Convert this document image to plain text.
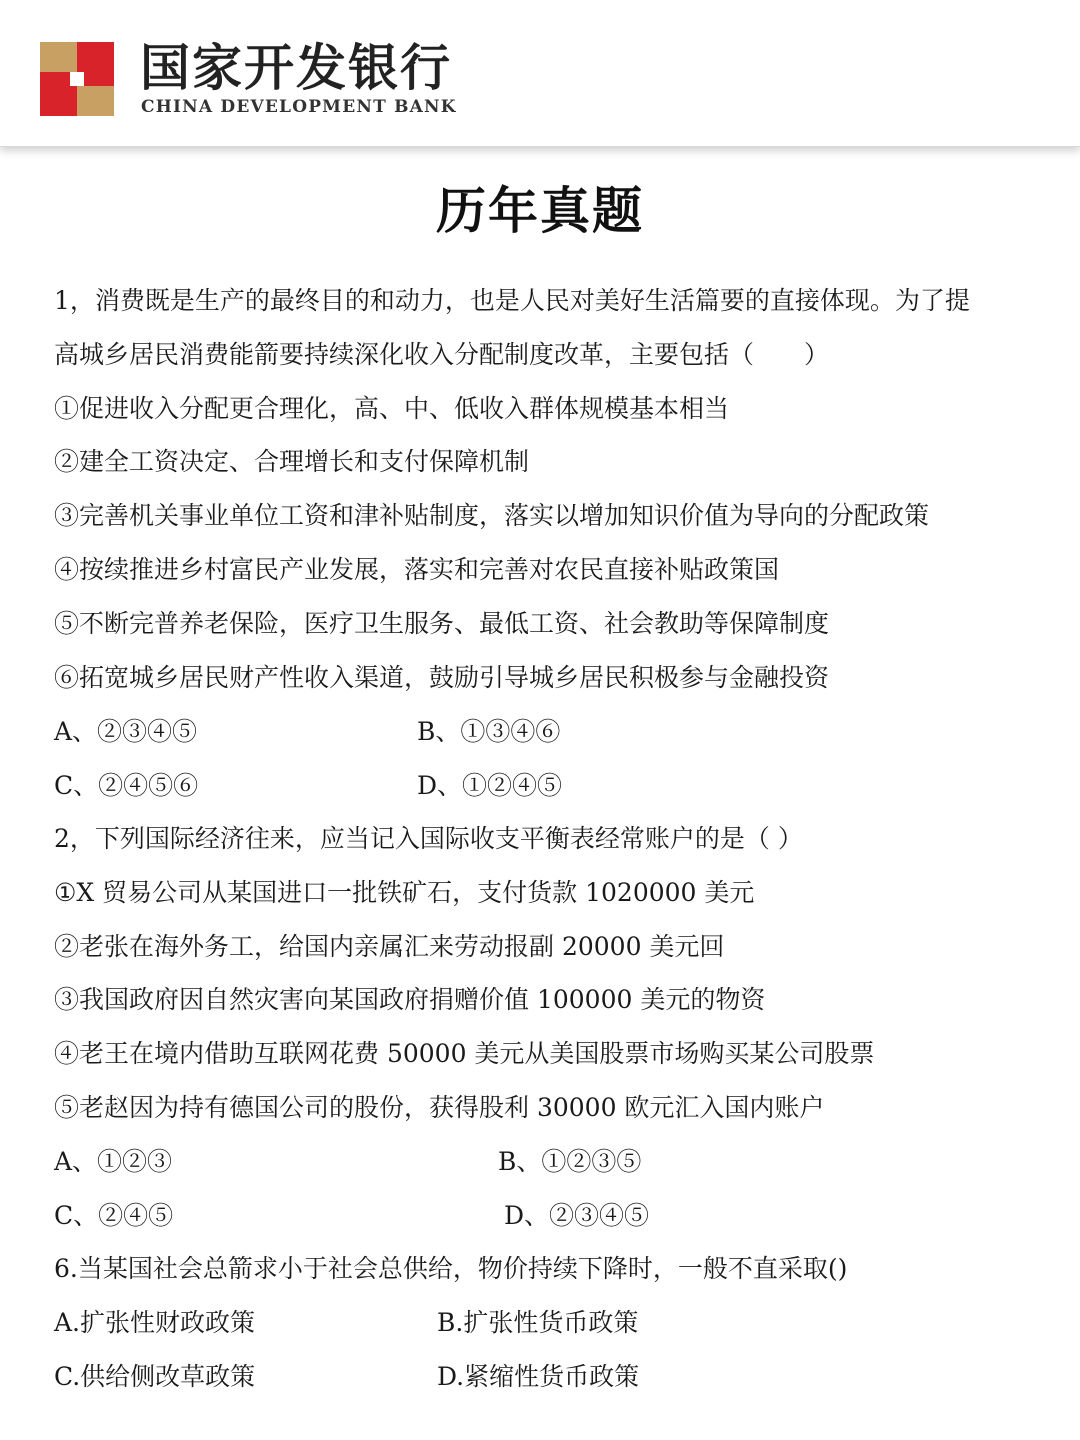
国家开发银行
CHINA DEVELOPMENT BANK
历年真题
1，消费既是生产的最终目的和动力，也是人民对美好生活篇要的直接体现。为了提
高城乡居民消费能箭要持续深化收入分配制度改革，主要包括（　　）
①促进收入分配更合理化，高、中、低收入群体规模基本相当
②建全工资决定、合理增长和支付保障机制
③完善机关事业单位工资和津补贴制度，落实以增加知识价值为导向的分配政策
④按续推进乡村富民产业发展，落实和完善对农民直接补贴政策国
⑤不断完普养老保险，医疗卫生服务、最低工资、社会教助等保障制度
⑥拓宽城乡居民财产性收入渠道，鼓励引导城乡居民积极参与金融投资
A、②③④⑤	B、①③④⑥
C、②④⑤⑥	D、①②④⑤
2，下列国际经济往来，应当记入国际收支平衡表经常账户的是（ ）
①X 贸易公司从某国进口一批铁矿石，支付货款 1020000 美元
②老张在海外务工，给国内亲属汇来劳动报副 20000 美元回
③我国政府因自然灾害向某国政府捐赠价值 100000 美元的物资
④老王在境内借助互联网花费 50000 美元从美国股票市场购买某公司股票
⑤老赵因为持有德国公司的股份，获得股利 30000 欧元汇入国内账户
A、①②③	B、①②③⑤
C、②④⑤	D、②③④⑤
6.当某国社会总箭求小于社会总供给，物价持续下降时，一般不直采取()
A.扩张性财政政策	B.扩张性货币政策
C.供给侧改草政策	D.紧缩性货币政策
